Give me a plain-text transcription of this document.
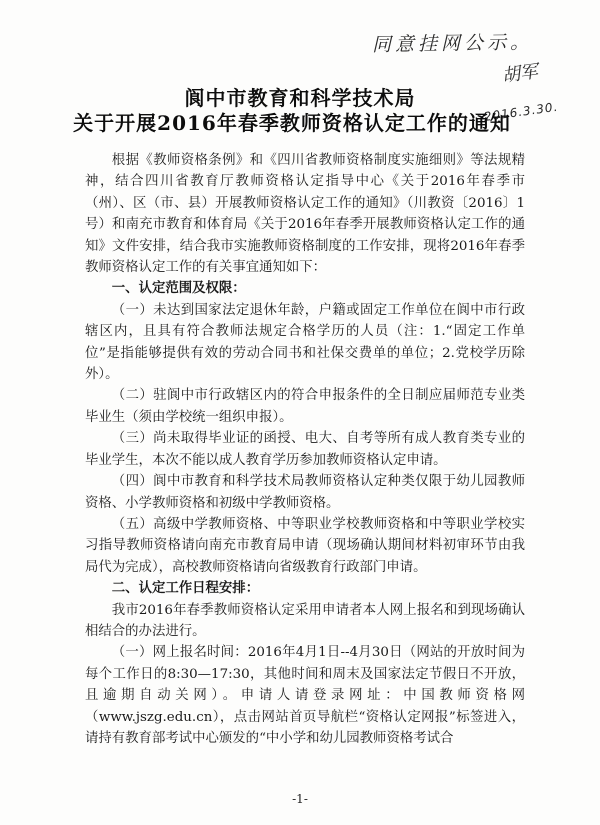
同意挂网公示。
胡军
2016.3.30.
阆中市教育和科学技术局
关于开展2016年春季教师资格认定工作的通知

根据《教师资格条例》和《四川省教师资格制度实施细则》等法规精神，结合四川省教育厅教师资格认定指导中心《关于2016年春季市（州）、区（市、县）开展教师资格认定工作的通知》（川教资〔2016〕1号）和南充市教育和体育局《关于2016年春季开展教师资格认定工作的通知》文件安排，结合我市实施教师资格制度的工作安排，现将2016年春季教师资格认定工作的有关事宜通知如下：

一、认定范围及权限：

（一）未达到国家法定退休年龄，户籍或固定工作单位在阆中市行政辖区内，且具有符合教师法规定合格学历的人员（注：1.“固定工作单位”是指能够提供有效的劳动合同书和社保交费单的单位；2.党校学历除外）。

（二）驻阆中市行政辖区内的符合申报条件的全日制应届师范专业类毕业生（须由学校统一组织申报）。

（三）尚未取得毕业证的函授、电大、自考等所有成人教育类专业的毕业学生，本次不能以成人教育学历参加教师资格认定申请。

（四）阆中市教育和科学技术局教师资格认定种类仅限于幼儿园教师资格、小学教师资格和初级中学教师资格。

（五）高级中学教师资格、中等职业学校教师资格和中等职业学校实习指导教师资格请向南充市教育局申请（现场确认期间材料初审环节由我局代为完成），高校教师资格请向省级教育行政部门申请。

二、认定工作日程安排：

我市2016年春季教师资格认定采用申请者本人网上报名和到现场确认相结合的办法进行。

（一）网上报名时间：2016年4月1日--4月30日（网站的开放时间为每个工作日的8:30—17:30，其他时间和周末及国家法定节假日不开放，且逾期自动关网）。申请人请登录网址：中国教师资格网（www.jszg.edu.cn），点击网站首页导航栏“资格认定网报”标签进入，请持有教育部考试中心颁发的“中小学和幼儿园教师资格考试合

-1-
